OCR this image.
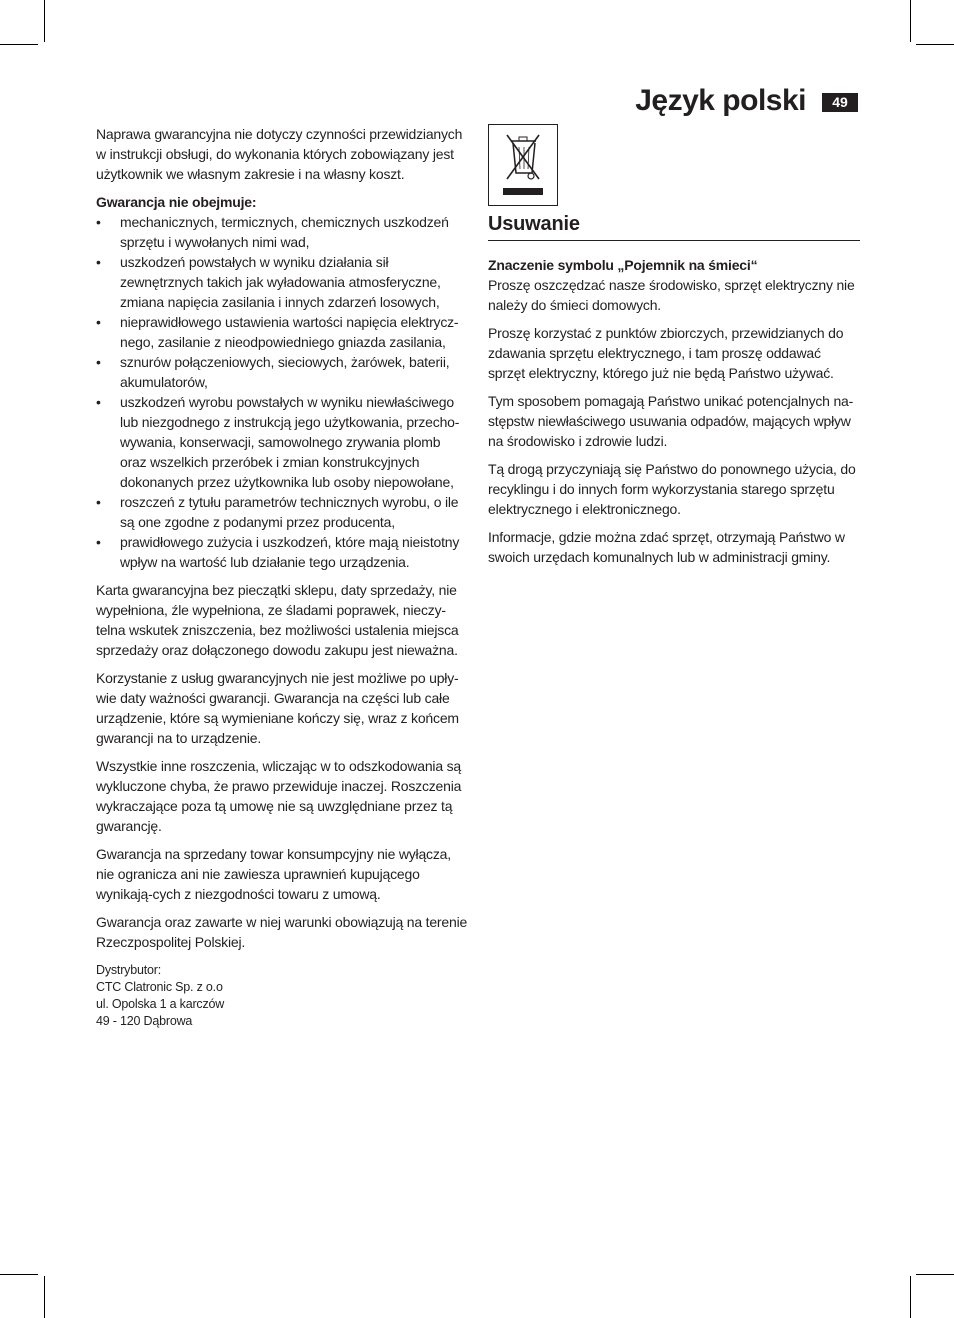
Język polski	49

Naprawa gwarancyjna nie dotyczy czynności przewidzianych w instrukcji obsługi, do wykonania których zobowiązany jest użytkownik we własnym zakresie i na własny koszt.

Gwarancja nie obejmuje:

• mechanicznych, termicznych, chemicznych uszkodzeń sprzętu i wywołanych nimi wad,
• uszkodzeń powstałych w wyniku działania sił zewnętrznych takich jak wyładowania atmosferyczne, zmiana napięcia zasilania i innych zdarzeń losowych,
• nieprawidłowego ustawienia wartości napięcia elektrycz-nego, zasilanie z nieodpowiedniego gniazda zasilania,
• sznurów połączeniowych, sieciowych, żarówek, baterii, akumulatorów,
• uszkodzeń wyrobu powstałych w wyniku niewłaściwego lub niezgodnego z instrukcją jego użytkowania, przecho-wywania, konserwacji, samowolnego zrywania plomb oraz wszelkich przeróbek i zmian konstrukcyjnych dokonanych przez użytkownika lub osoby niepowołane,
• roszczeń z tytułu parametrów technicznych wyrobu, o ile są one zgodne z podanymi przez producenta,
• prawidłowego zużycia i uszkodzeń, które mają nieistotny wpływ na wartość lub działanie tego urządzenia.

Karta gwarancyjna bez pieczątki sklepu, daty sprzedaży, nie wypełniona, źle wypełniona, ze śladami poprawek, nieczy-telna wskutek zniszczenia, bez możliwości ustalenia miejsca sprzedaży oraz dołączonego dowodu zakupu jest nieważna.

Korzystanie z usług gwarancyjnych nie jest możliwe po upły-wie daty ważności gwarancji. Gwarancja na części lub całe urządzenie, które są wymieniane kończy się, wraz z końcem gwarancji na to urządzenie.

Wszystkie inne roszczenia, wliczając w to odszkodowania są wykluczone chyba, że prawo przewiduje inaczej. Roszczenia wykraczające poza tą umowę nie są uwzględniane przez tą gwarancję.

Gwarancja na sprzedany towar konsumpcyjny nie wyłącza, nie ogranicza ani nie zawiesza uprawnień kupującego wynikają-cych z niezgodności towaru z umową.

Gwarancja oraz zawarte w niej warunki obowiązują na terenie Rzeczpospolitej Polskiej.

Dystrybutor:
CTC Clatronic Sp. z o.o
ul. Opolska 1 a karczów
49 - 120 Dąbrowa
Usuwanie

Znaczenie symbolu „Pojemnik na śmieci“

Proszę oszczędzać nasze środowisko, sprzęt elektryczny nie należy do śmieci domowych.

Proszę korzystać z punktów zbiorczych, przewidzianych do zdawania sprzętu elektrycznego, i tam proszę oddawać sprzęt elektryczny, którego już nie będą Państwo używać.

Tym sposobem pomagają Państwo unikać potencjalnych na-stępstw niewłaściwego usuwania odpadów, mających wpływ na środowisko i zdrowie ludzi.

Tą drogą przyczyniają się Państwo do ponownego użycia, do recyklingu i do innych form wykorzystania starego sprzętu elektrycznego i elektronicznego.

Informacje, gdzie można zdać sprzęt, otrzymają Państwo w swoich urzędach komunalnych lub w administracji gminy.
